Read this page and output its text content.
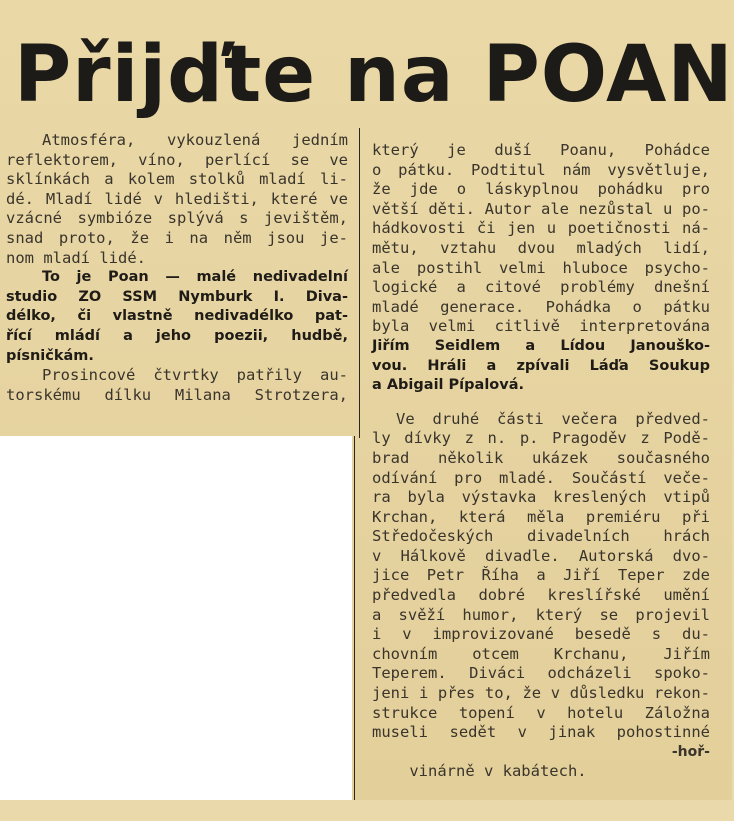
Přijďte na POAN
Atmosféra, vykouzlená jedním
reflektorem, víno, perlící se ve
sklínkách a kolem stolků mladí li-
dé. Mladí lidé v hledišti, které ve
vzácné symbióze splývá s jevištěm,
snad proto, že i na něm jsou je-
nom mladí lidé.
To je Poan — malé nedivadelní
studio ZO SSM Nymburk I. Diva-
délko, či vlastně nedivadélko pat-
řící mládí a jeho poezii, hudbě,
písničkám.
Prosincové čtvrtky patřily au-
torskému dílku Milana Strotzera,
který je duší Poanu, Pohádce
o pátku. Podtitul nám vysvětluje,
že jde o láskyplnou pohádku pro
větší děti. Autor ale nezůstal u po-
hádkovosti či jen u poetičnosti ná-
mětu, vztahu dvou mladých lidí,
ale postihl velmi hluboce psycho-
logické a citové problémy dnešní
mladé generace. Pohádka o pátku
byla velmi citlivě interpretována
Jiřím Seidlem a Lídou Janouško-
vou. Hráli a zpívali Láďa Soukup
a Abigail Pípalová.
Ve druhé části večera předved-
ly dívky z n. p. Pragoděv z Podě-
brad několik ukázek současného
odívání pro mladé. Součástí veče-
ra byla výstavka kreslených vtipů
Krchan, která měla premiéru při
Středočeských divadelních hrách
v Hálkově divadle. Autorská dvo-
jice Petr Říha a Jiří Teper zde
předvedla dobré kreslířské umění
a svěží humor, který se projevil
i v improvizované besedě s du-
chovním otcem Krchanu, Jiřím
Teperem. Diváci odcházeli spoko-
jeni i přes to, že v důsledku rekon-
strukce topení v hotelu Záložna
museli sedět v jinak pohostinné

vinárně v kabátech.

-hoř-
